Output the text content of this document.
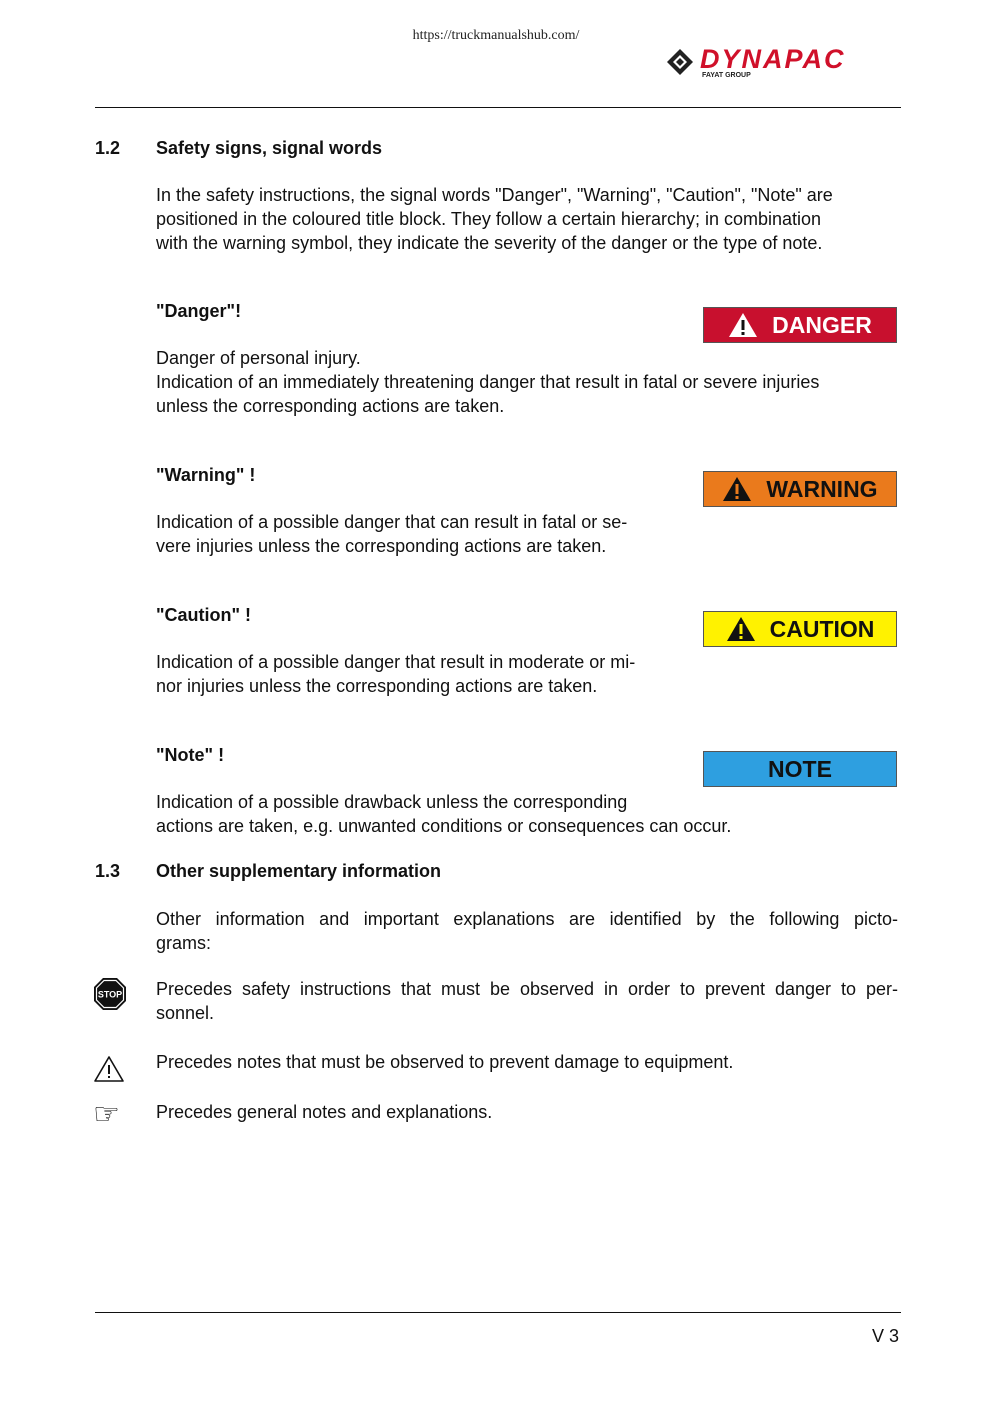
https://truckmanualshub.com/
DYNAPAC
FAYAT GROUP
1.2 Safety signs, signal words
In the safety instructions, the signal words "Danger", "Warning", "Caution", "Note" are
positioned in the coloured title block. They follow a certain hierarchy; in combination
with the warning symbol, they indicate the severity of the danger or the type of note.
"Danger"!
DANGER
Danger of personal injury.
Indication of an immediately threatening danger that result in fatal or severe injuries
unless the corresponding actions are taken.
"Warning" !
WARNING
Indication of a possible danger that can result in fatal or se-
vere injuries unless the corresponding actions are taken.
"Caution" !
CAUTION
Indication of a possible danger that result in moderate or mi-
nor injuries unless the corresponding actions are taken.
"Note" !
NOTE
Indication of a possible drawback unless the corresponding
actions are taken, e.g. unwanted conditions or consequences can occur.
1.3 Other supplementary information
Other information and important explanations are identified by the following picto-
grams:
STOP Precedes safety instructions that must be observed in order to prevent danger to per-
sonnel.
Precedes notes that must be observed to prevent damage to equipment.
☞ Precedes general notes and explanations.
V 3
